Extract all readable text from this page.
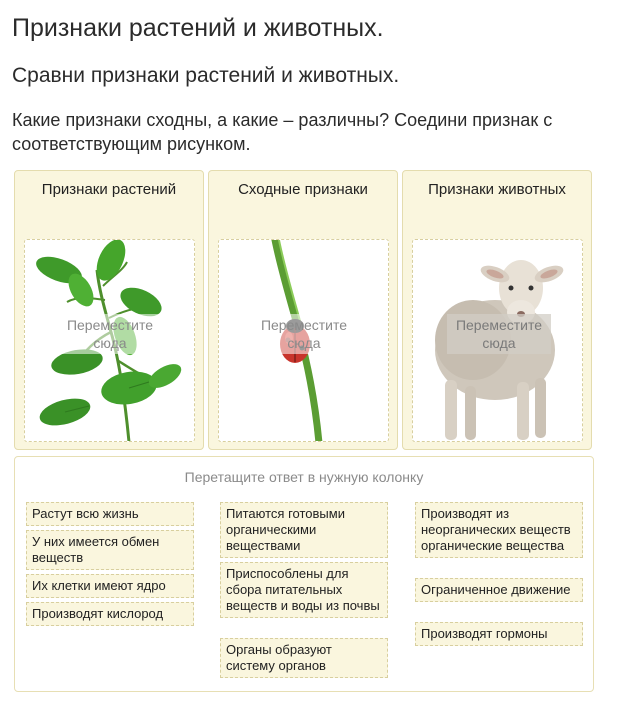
Признаки растений и животных.
Сравни признаки растений и животных.
Какие признаки сходны, а какие – различны? Соедини признак с соответствующим рисунком.
Признаки растений
Переместите сюда
Сходные признаки
Переместите сюда
Признаки животных
Переместите сюда
Перетащите ответ в нужную колонку
Растут всю жизнь
У них имеется обмен веществ
Их клетки имеют ядро
Производят кислород
Питаются готовыми органическими веществами
Приспособлены для сбора питательных веществ и воды из почвы
Органы образуют систему органов
Производят из неорганических веществ органические вещества
Ограниченное движение
Производят гормоны
